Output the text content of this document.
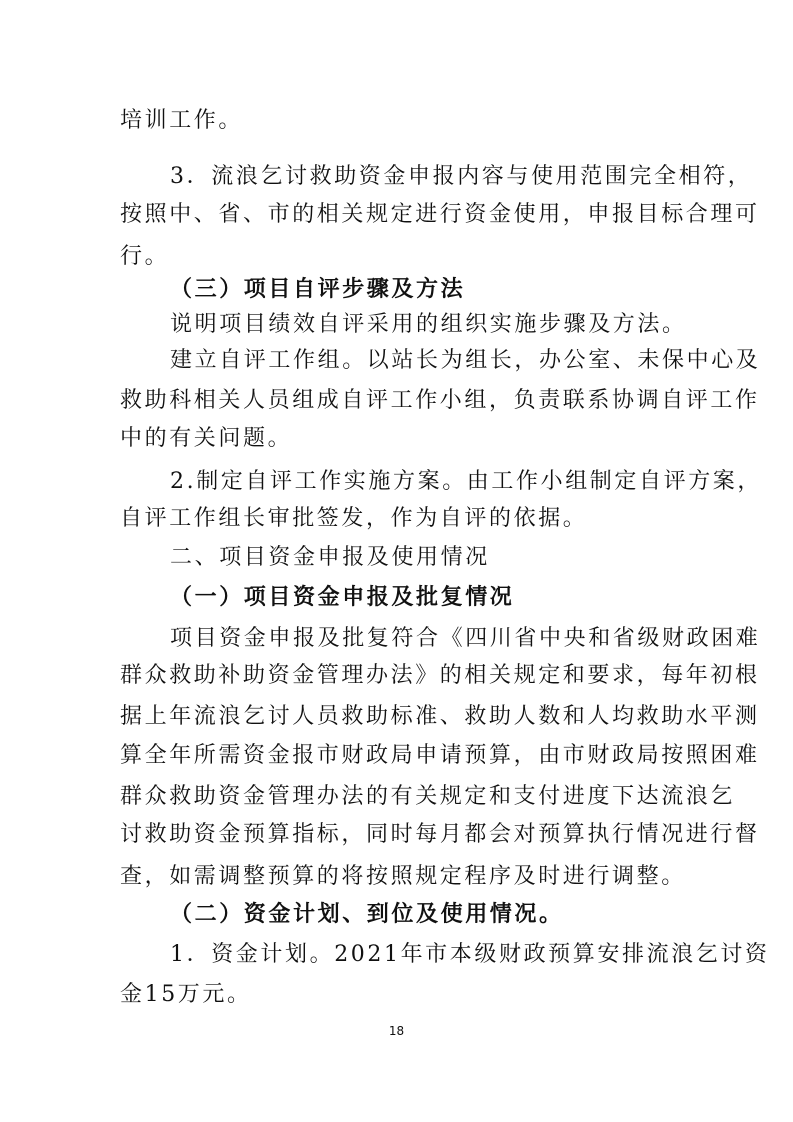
培训工作。
3．流浪乞讨救助资金申报内容与使用范围完全相符，
按照中、省、市的相关规定进行资金使用，申报目标合理可
行。
（三）项目自评步骤及方法
说明项目绩效自评采用的组织实施步骤及方法。
建立自评工作组。以站长为组长，办公室、未保中心及
救助科相关人员组成自评工作小组，负责联系协调自评工作
中的有关问题。
2.制定自评工作实施方案。由工作小组制定自评方案，
自评工作组长审批签发，作为自评的依据。
二、项目资金申报及使用情况
（一）项目资金申报及批复情况
项目资金申报及批复符合《四川省中央和省级财政困难
群众救助补助资金管理办法》的相关规定和要求，每年初根
据上年流浪乞讨人员救助标准、救助人数和人均救助水平测
算全年所需资金报市财政局申请预算，由市财政局按照困难
群众救助资金管理办法的有关规定和支付进度下达流浪乞
讨救助资金预算指标，同时每月都会对预算执行情况进行督
查，如需调整预算的将按照规定程序及时进行调整。
（二）资金计划、到位及使用情况。
1．资金计划。2021年市本级财政预算安排流浪乞讨资
金15万元。
18
